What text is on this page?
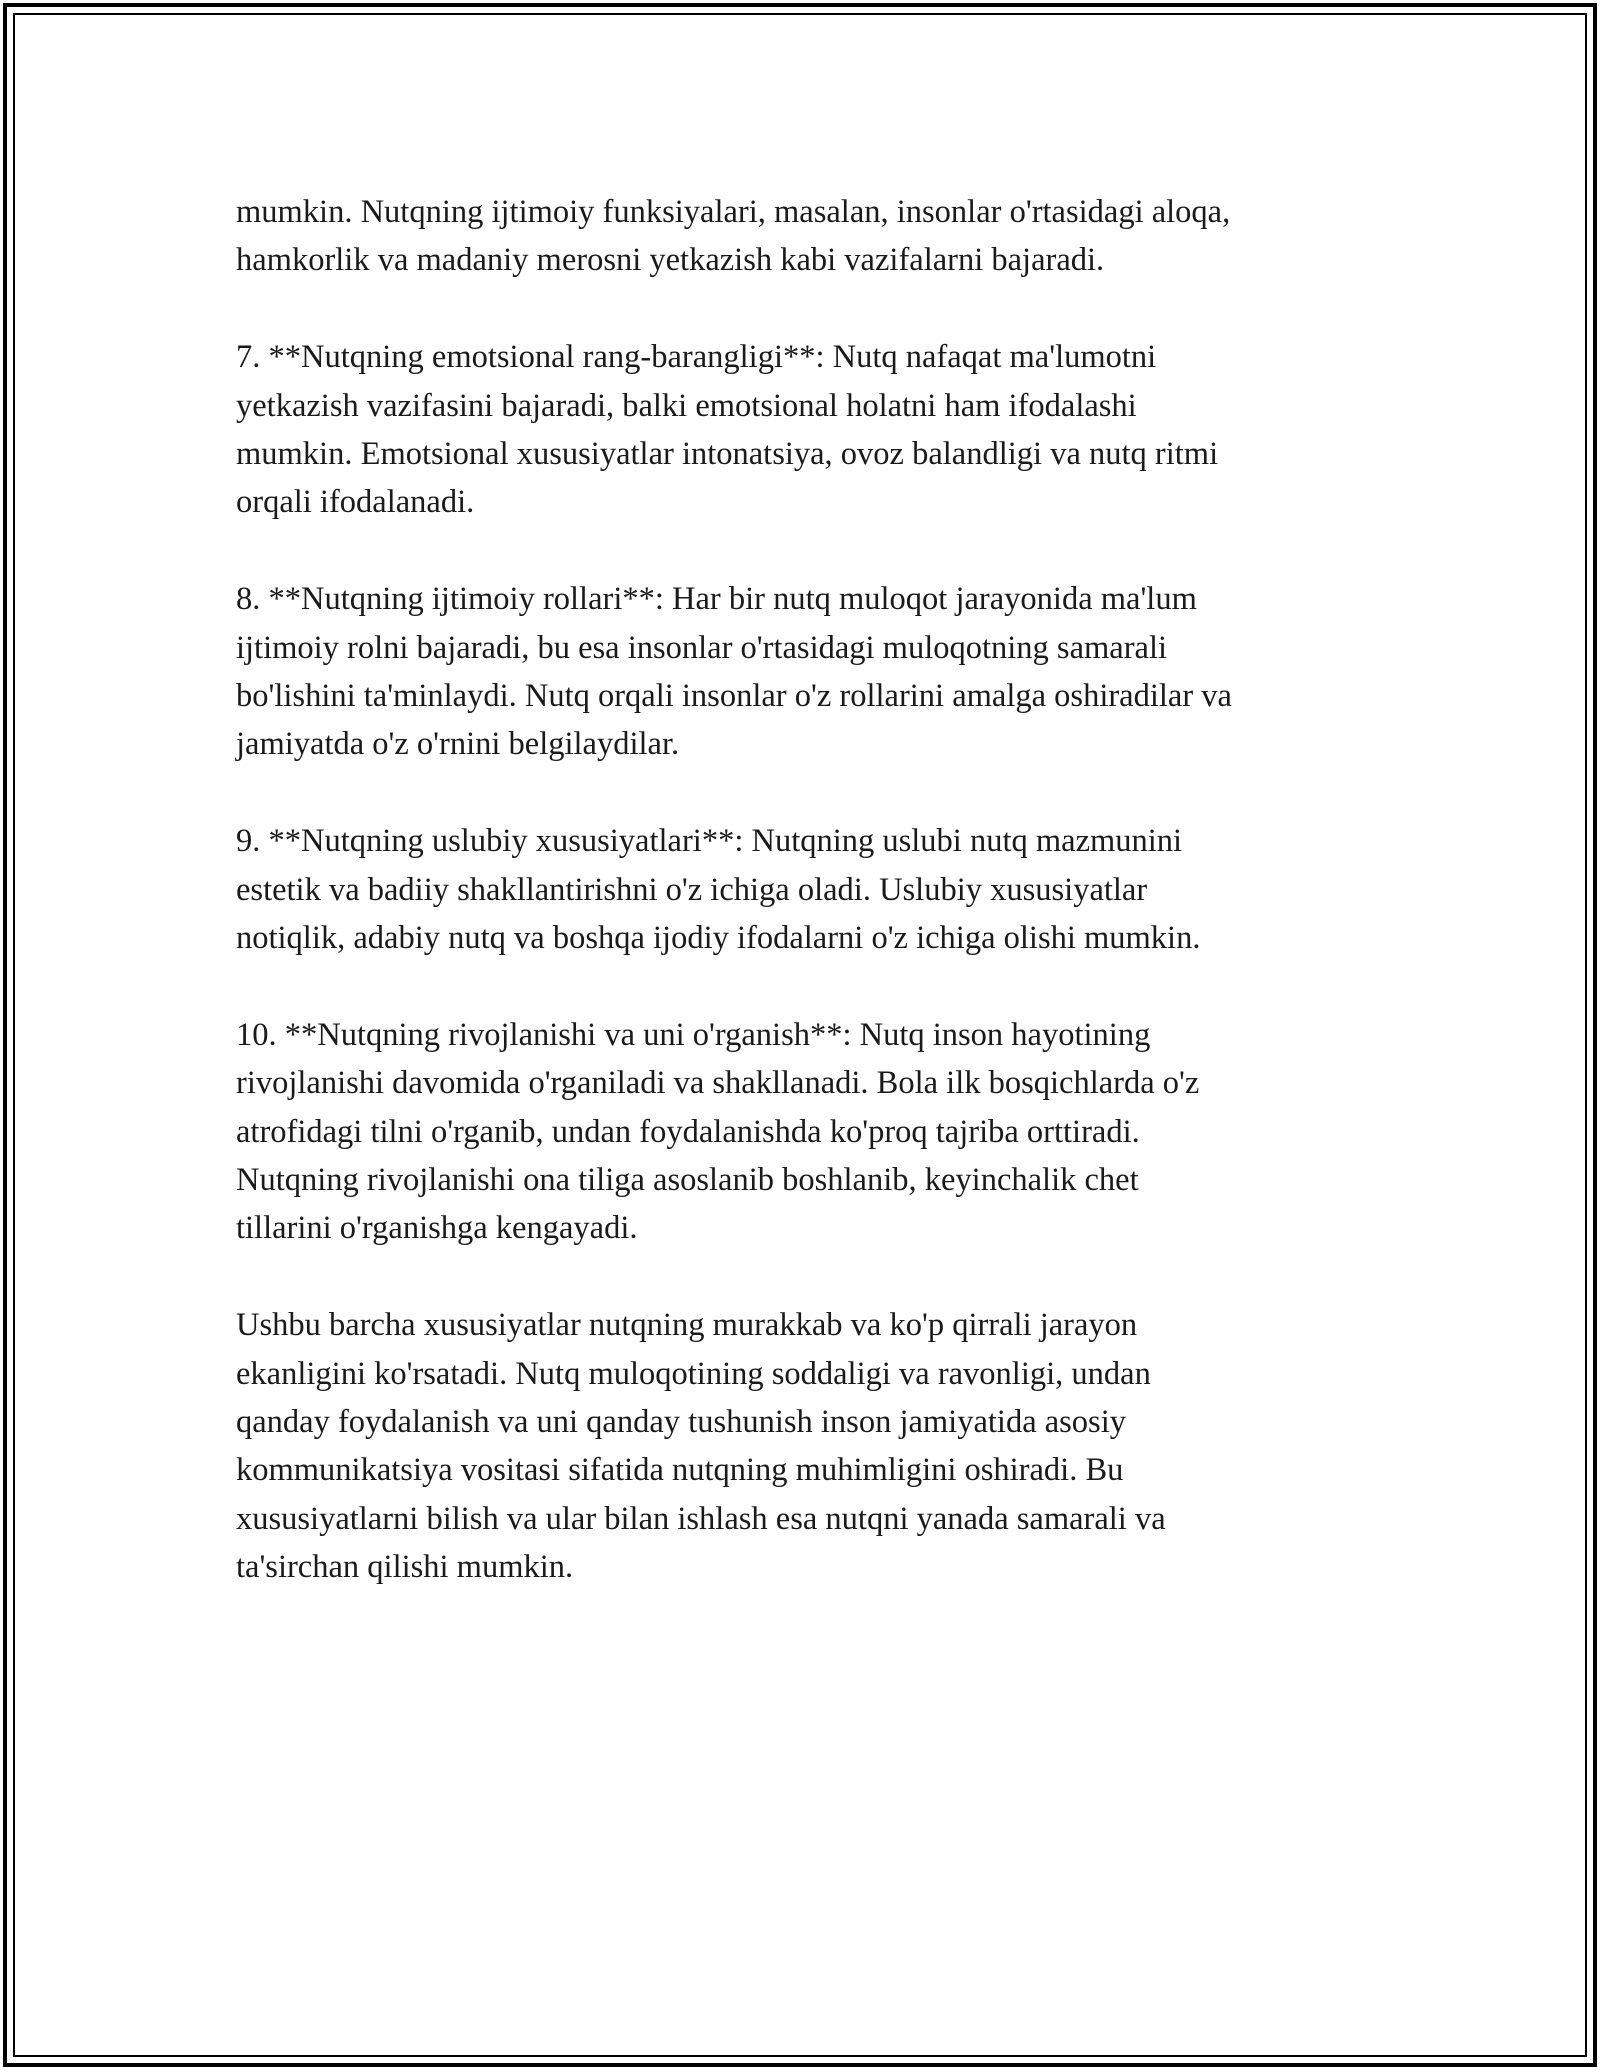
mumkin. Nutqning ijtimoiy funksiyalari, masalan, insonlar o'rtasidagi aloqa,
hamkorlik va madaniy merosni yetkazish kabi vazifalarni bajaradi.

7. **Nutqning emotsional rang-barangligi**: Nutq nafaqat ma'lumotni
yetkazish vazifasini bajaradi, balki emotsional holatni ham ifodalashi
mumkin. Emotsional xususiyatlar intonatsiya, ovoz balandligi va nutq ritmi
orqali ifodalanadi.

8. **Nutqning ijtimoiy rollari**: Har bir nutq muloqot jarayonida ma'lum
ijtimoiy rolni bajaradi, bu esa insonlar o'rtasidagi muloqotning samarali
bo'lishini ta'minlaydi. Nutq orqali insonlar o'z rollarini amalga oshiradilar va
jamiyatda o'z o'rnini belgilaydilar.

9. **Nutqning uslubiy xususiyatlari**: Nutqning uslubi nutq mazmunini
estetik va badiiy shakllantirishni o'z ichiga oladi. Uslubiy xususiyatlar
notiqlik, adabiy nutq va boshqa ijodiy ifodalarni o'z ichiga olishi mumkin.

10. **Nutqning rivojlanishi va uni o'rganish**: Nutq inson hayotining
rivojlanishi davomida o'rganiladi va shakllanadi. Bola ilk bosqichlarda o'z
atrofidagi tilni o'rganib, undan foydalanishda ko'proq tajriba orttiradi.
Nutqning rivojlanishi ona tiliga asoslanib boshlanib, keyinchalik chet
tillarini o'rganishga kengayadi.

Ushbu barcha xususiyatlar nutqning murakkab va ko'p qirrali jarayon
ekanligini ko'rsatadi. Nutq muloqotining soddaligi va ravonligi, undan
qanday foydalanish va uni qanday tushunish inson jamiyatida asosiy
kommunikatsiya vositasi sifatida nutqning muhimligini oshiradi. Bu
xususiyatlarni bilish va ular bilan ishlash esa nutqni yanada samarali va
ta'sirchan qilishi mumkin.
